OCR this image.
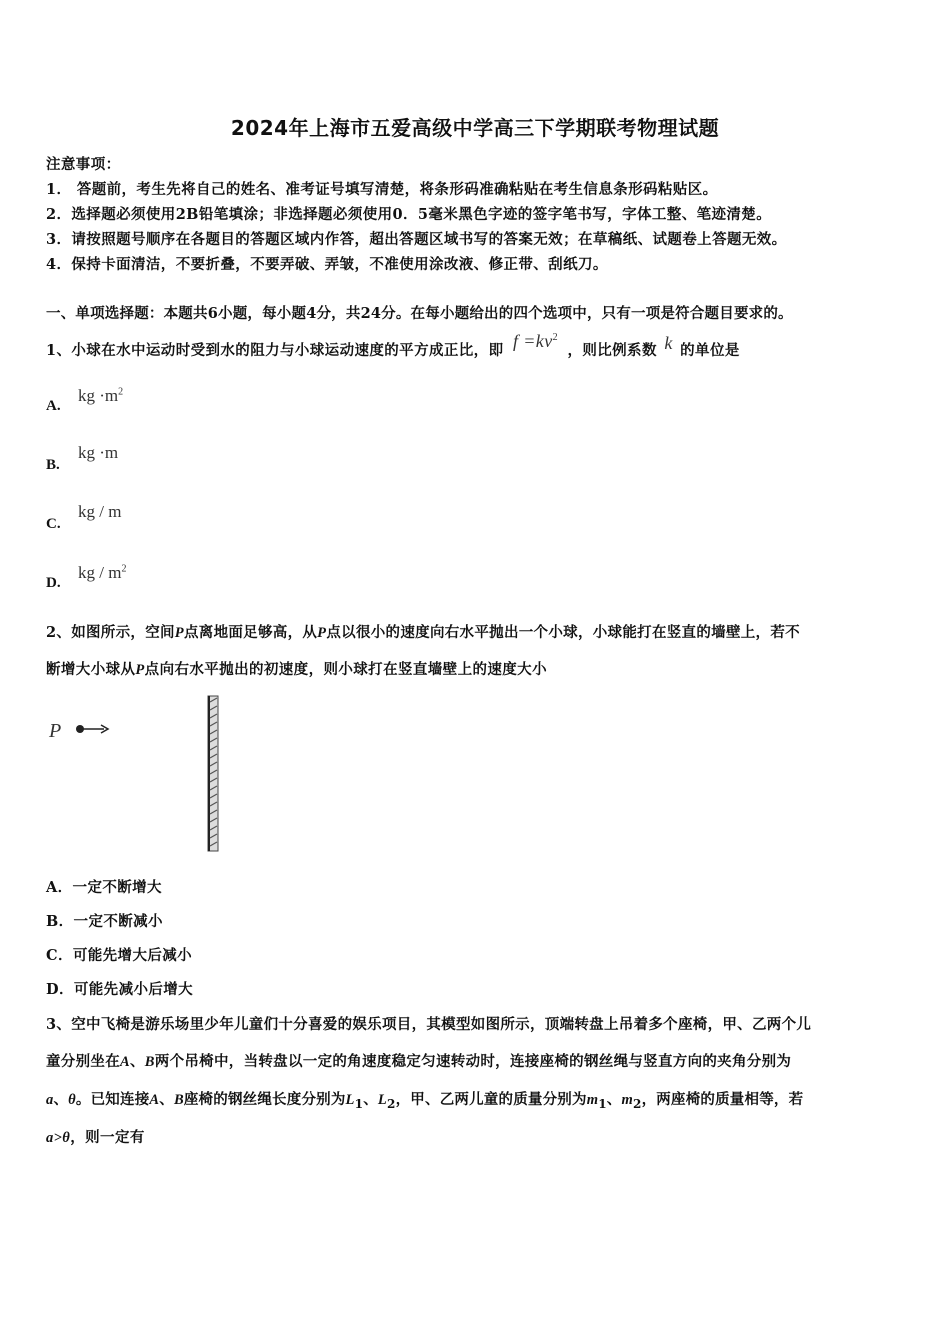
2024年上海市五爱高级中学高三下学期联考物理试题
注意事项：
1． 答题前，考生先将自己的姓名、准考证号填写清楚，将条形码准确粘贴在考生信息条形码粘贴区。
2．选择题必须使用2B铅笔填涂；非选择题必须使用0．5毫米黑色字迹的签字笔书写，字体工整、笔迹清楚。
3．请按照题号顺序在各题目的答题区域内作答，超出答题区域书写的答案无效；在草稿纸、试题卷上答题无效。
4．保持卡面清洁，不要折叠，不要弄破、弄皱，不准使用涂改液、修正带、刮纸刀。
一、单项选择题：本题共6小题，每小题4分，共24分。在每小题给出的四个选项中，只有一项是符合题目要求的。
1、小球在水中运动时受到水的阻力与小球运动速度的平方成正比，即 $f =kv^2$ ，则比例系数 k 的单位是
A.
kg $\cdot m^2$
B.
kg ·m
C.
kg / m
D.
kg / $m^2$
2、如图所示，空间P点离地面足够高，从P点以很小的速度向右水平抛出一个小球，小球能打在竖直的墙壁上，若不
断增大小球从P点向右水平抛出的初速度，则小球打在竖直墙壁上的速度大小
P
A．一定不断增大
B．一定不断减小
C．可能先增大后减小
D．可能先减小后增大
3、空中飞椅是游乐场里少年儿童们十分喜爱的娱乐项目，其模型如图所示，顶端转盘上吊着多个座椅，甲、乙两个儿
童分别坐在A、B两个吊椅中，当转盘以一定的角速度稳定匀速转动时，连接座椅的钢丝绳与竖直方向的夹角分别为
a、θ。已知连接A、B座椅的钢丝绳长度分别为$L_1$、$L_2$，甲、乙两儿童的质量分别为$m_1$、$m_2$，两座椅的质量相等，若
a>θ，则一定有
